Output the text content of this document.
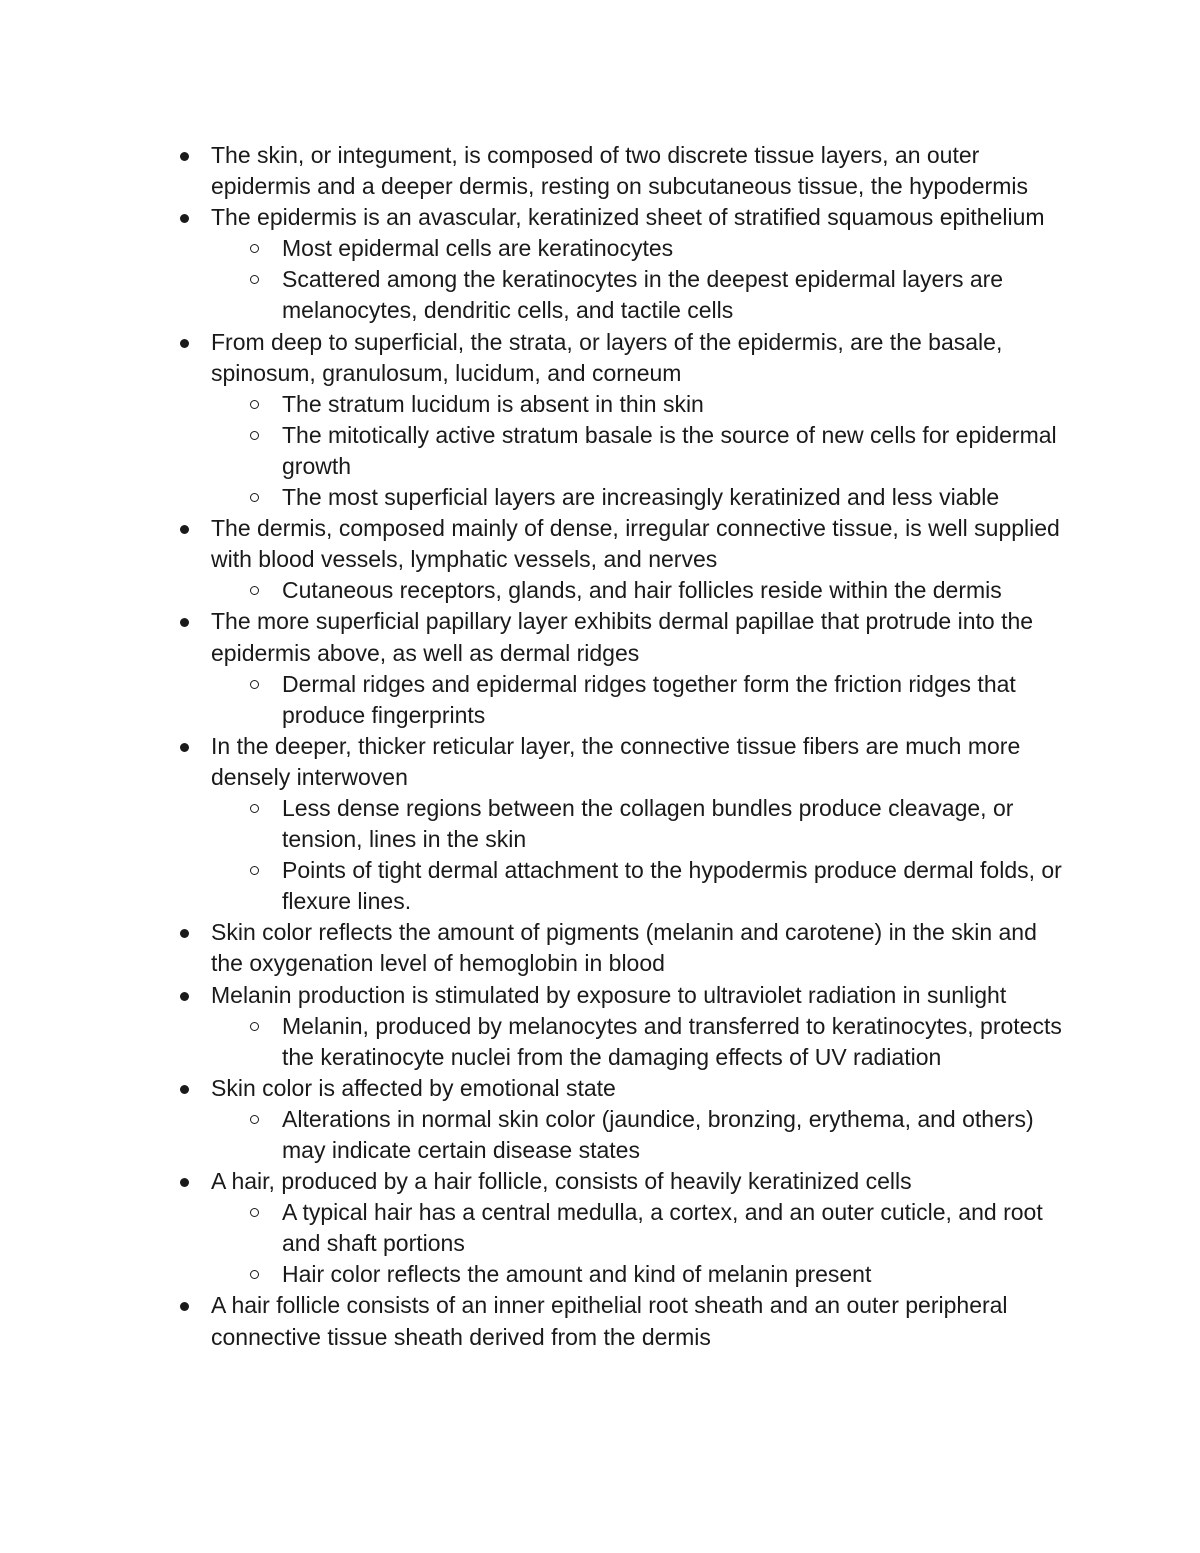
The skin, or integument, is composed of two discrete tissue layers, an outer epidermis and a deeper dermis, resting on subcutaneous tissue, the hypodermis
The epidermis is an avascular, keratinized sheet of stratified squamous epithelium
Most epidermal cells are keratinocytes
Scattered among the keratinocytes in the deepest epidermal layers are melanocytes, dendritic cells, and tactile cells
From deep to superficial, the strata, or layers of the epidermis, are the basale, spinosum, granulosum, lucidum, and corneum
The stratum lucidum is absent in thin skin
The mitotically active stratum basale is the source of new cells for epidermal growth
The most superficial layers are increasingly keratinized and less viable
The dermis, composed mainly of dense, irregular connective tissue, is well supplied with blood vessels, lymphatic vessels, and nerves
Cutaneous receptors, glands, and hair follicles reside within the dermis
The more superficial papillary layer exhibits dermal papillae that protrude into the epidermis above, as well as dermal ridges
Dermal ridges and epidermal ridges together form the friction ridges that produce fingerprints
In the deeper, thicker reticular layer, the connective tissue fibers are much more densely interwoven
Less dense regions between the collagen bundles produce cleavage, or tension, lines in the skin
Points of tight dermal attachment to the hypodermis produce dermal folds, or flexure lines.
Skin color reflects the amount of pigments (melanin and carotene) in the skin and the oxygenation level of hemoglobin in blood
Melanin production is stimulated by exposure to ultraviolet radiation in sunlight
Melanin, produced by melanocytes and transferred to keratinocytes, protects the keratinocyte nuclei from the damaging effects of UV radiation
Skin color is affected by emotional state
Alterations in normal skin color (jaundice, bronzing, erythema, and others) may indicate certain disease states
A hair, produced by a hair follicle, consists of heavily keratinized cells
A typical hair has a central medulla, a cortex, and an outer cuticle, and root and shaft portions
Hair color reflects the amount and kind of melanin present
A hair follicle consists of an inner epithelial root sheath and an outer peripheral connective tissue sheath derived from the dermis
